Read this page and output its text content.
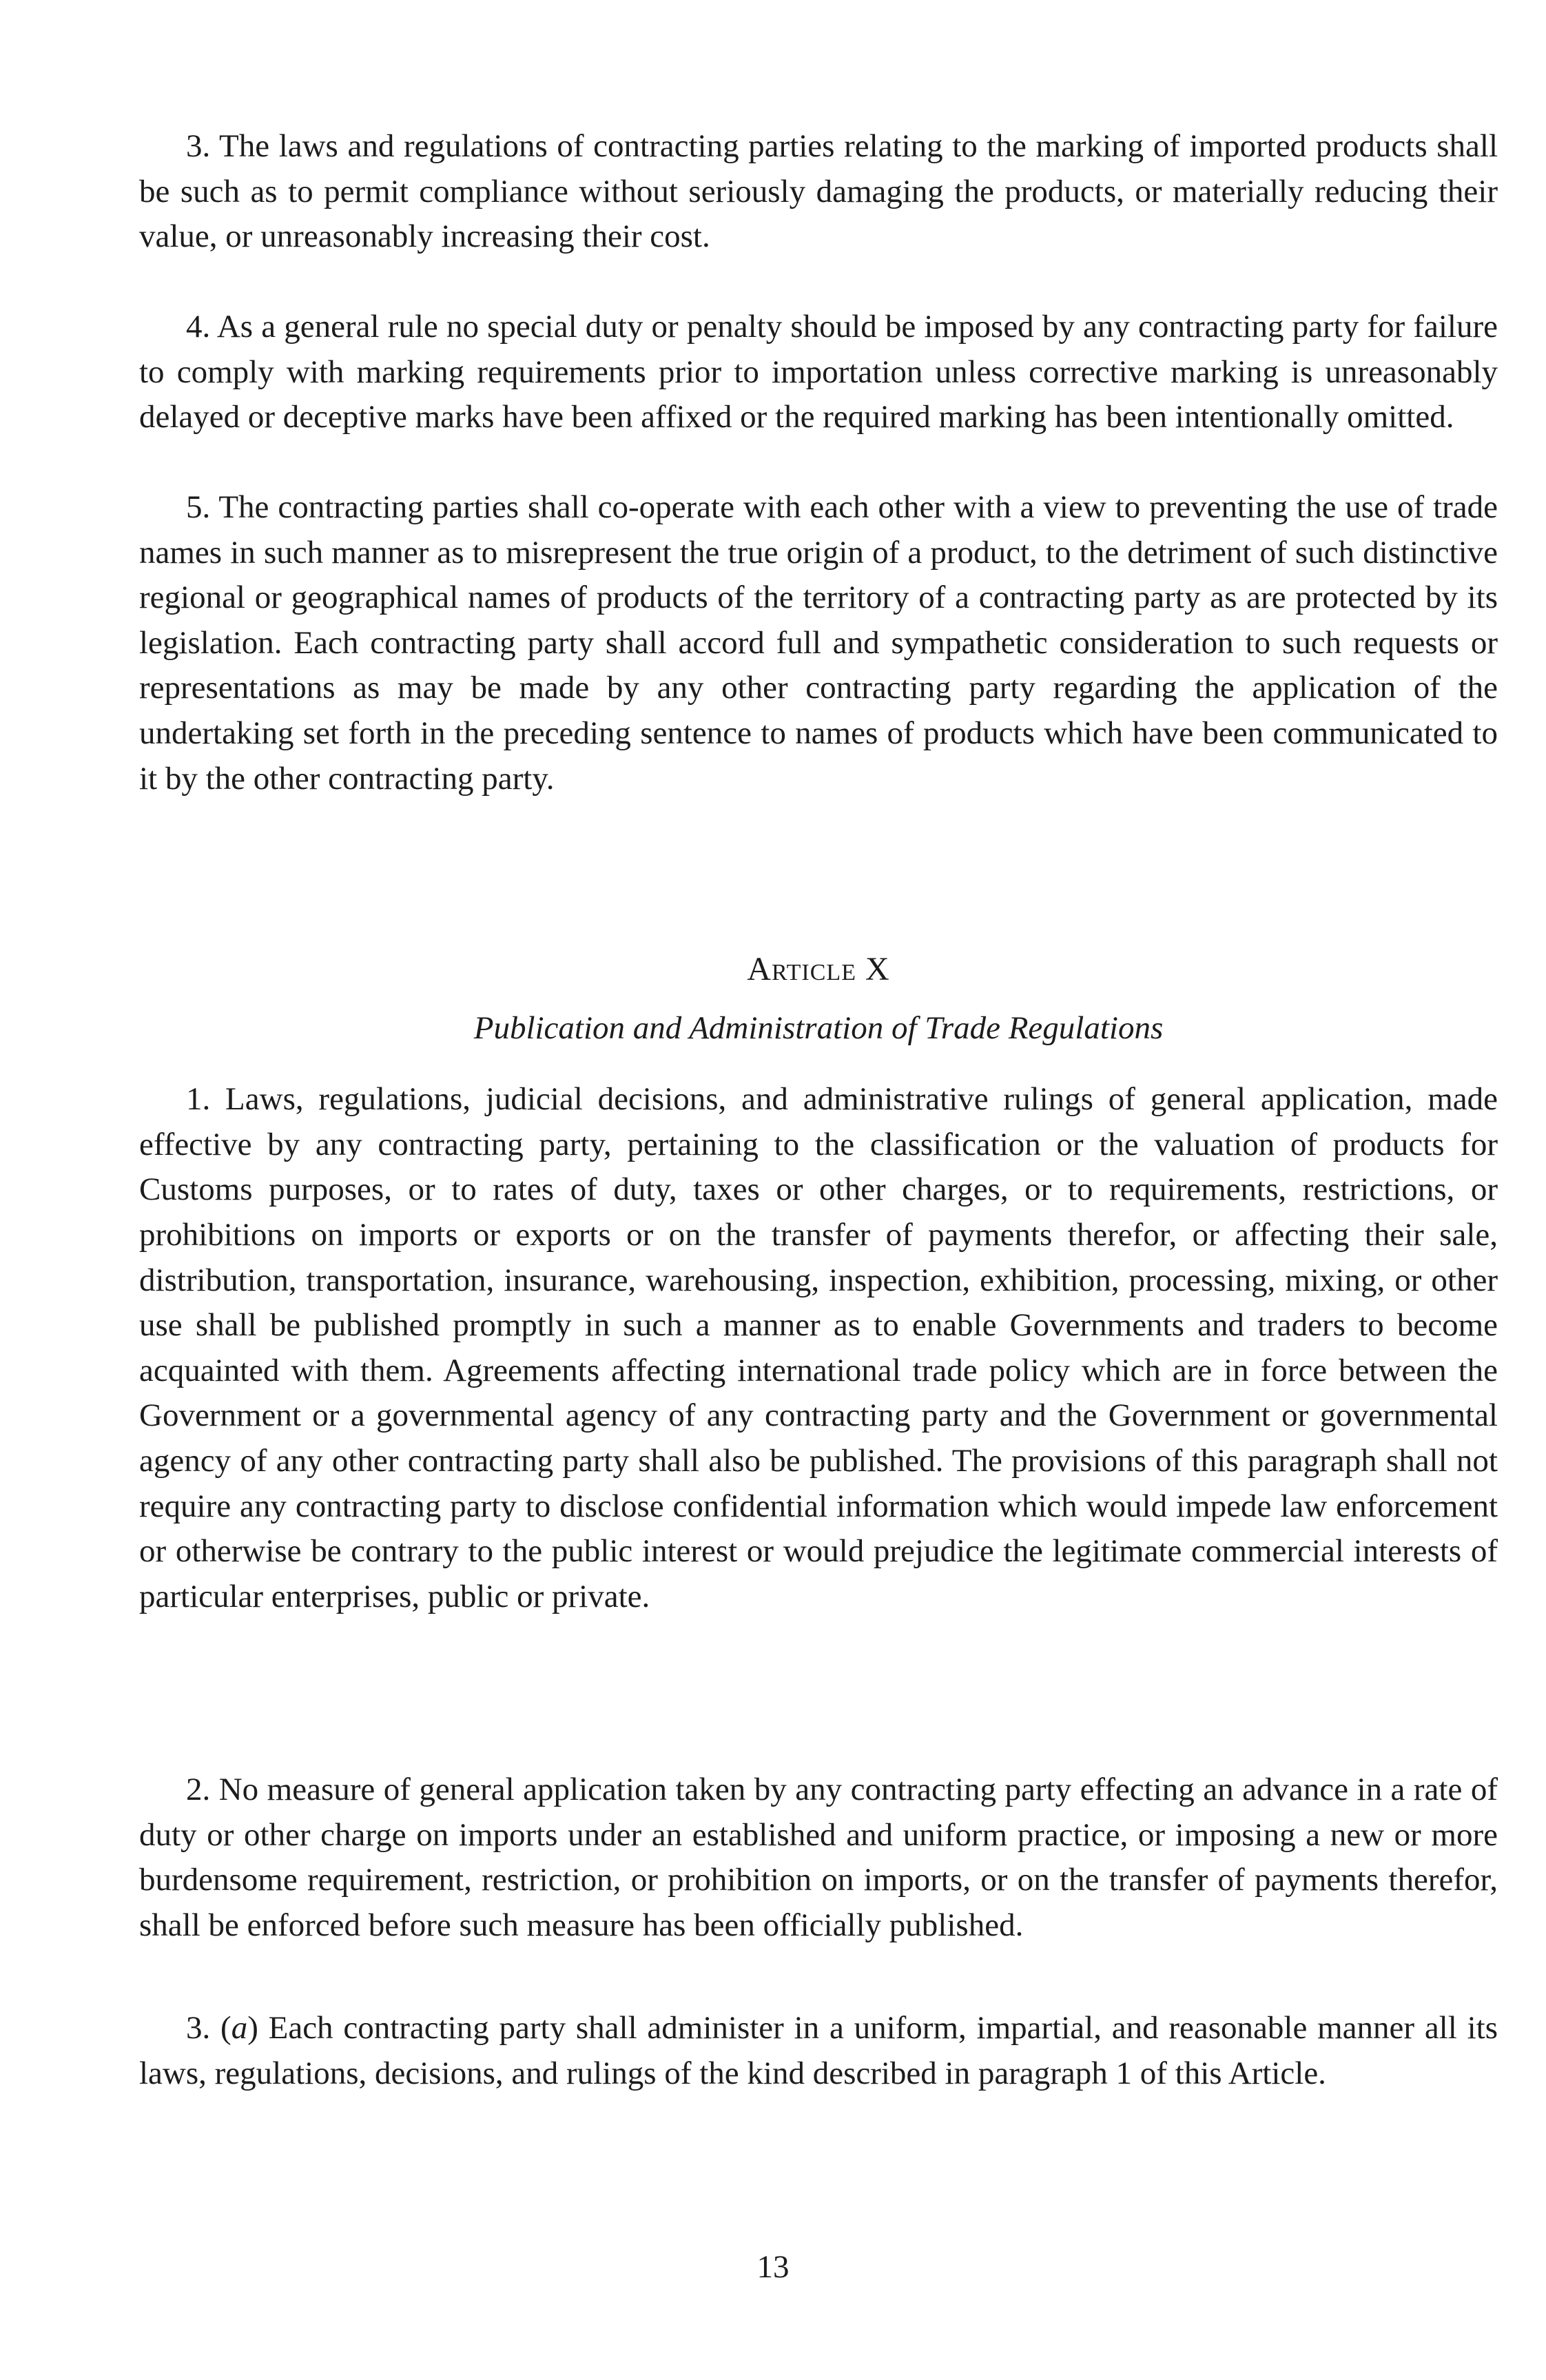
3. The laws and regulations of contracting parties relating to the marking of imported products shall be such as to permit compliance without seriously damaging the products, or materially reducing their value, or unreasonably increasing their cost.

4. As a general rule no special duty or penalty should be imposed by any contracting party for failure to comply with marking requirements prior to importation unless corrective marking is unreasonably delayed or deceptive marks have been affixed or the required marking has been intentionally omitted.

5. The contracting parties shall co-operate with each other with a view to preventing the use of trade names in such manner as to misrepresent the true origin of a product, to the detriment of such distinctive regional or geographical names of products of the territory of a contracting party as are protected by its legislation. Each contracting party shall accord full and sympathetic consideration to such requests or representations as may be made by any other contracting party regarding the application of the undertaking set forth in the preceding sentence to names of products which have been communicated to it by the other contracting party.

Article X

Publication and Administration of Trade Regulations

1. Laws, regulations, judicial decisions, and administrative rulings of general application, made effective by any contracting party, pertaining to the classification or the valuation of products for Customs purposes, or to rates of duty, taxes or other charges, or to requirements, restrictions, or prohibitions on imports or exports or on the transfer of payments therefor, or affecting their sale, distribution, transportation, insurance, warehousing, inspection, exhibition, processing, mixing, or other use shall be published promptly in such a manner as to enable Governments and traders to become acquainted with them. Agreements affecting international trade policy which are in force between the Government or a governmental agency of any contracting party and the Government or governmental agency of any other contracting party shall also be published. The provisions of this paragraph shall not require any contracting party to disclose confidential information which would impede law enforcement or otherwise be contrary to the public interest or would prejudice the legitimate commercial interests of particular enterprises, public or private.

2. No measure of general application taken by any contracting party effecting an advance in a rate of duty or other charge on imports under an established and uniform practice, or imposing a new or more burdensome requirement, restriction, or prohibition on imports, or on the transfer of payments therefor, shall be enforced before such measure has been officially published.

3. (a) Each contracting party shall administer in a uniform, impartial, and reasonable manner all its laws, regulations, decisions, and rulings of the kind described in paragraph 1 of this Article.

13
